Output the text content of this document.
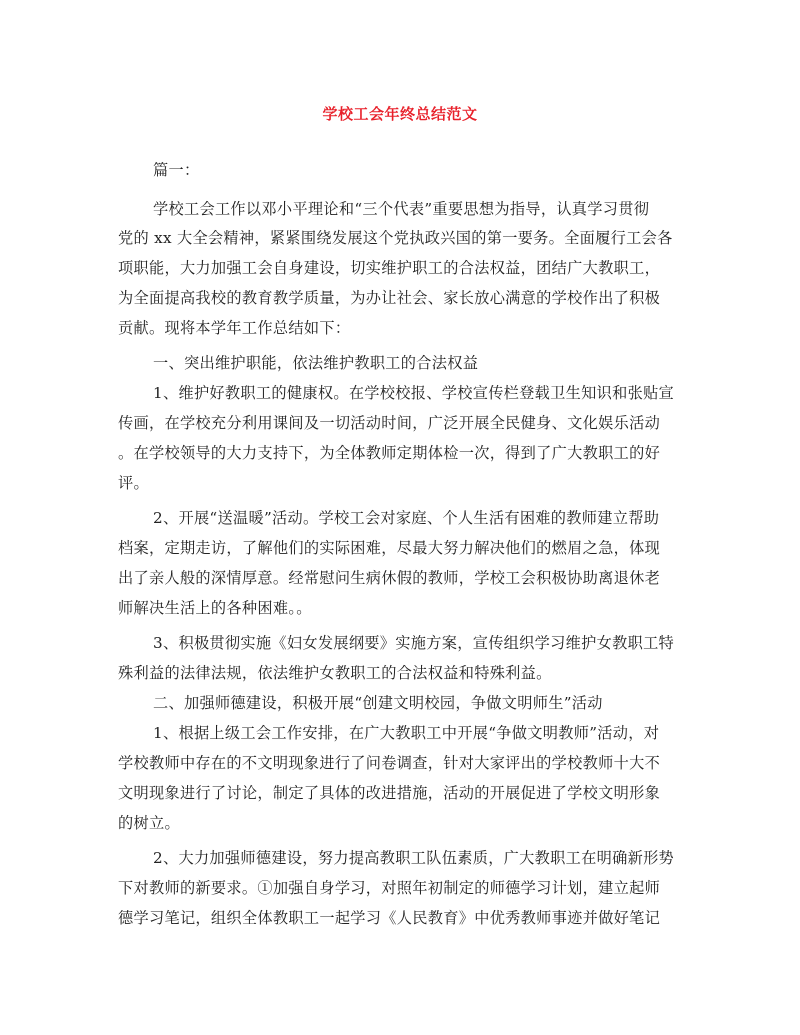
学校工会年终总结范文
篇一：
学校工会工作以邓小平理论和“三个代表”重要思想为指导，认真学习贯彻
党的 xx 大全会精神，紧紧围绕发展这个党执政兴国的第一要务。全面履行工会各
项职能，大力加强工会自身建设，切实维护职工的合法权益，团结广大教职工，
为全面提高我校的教育教学质量，为办让社会、家长放心满意的学校作出了积极
贡献。现将本学年工作总结如下：
一、突出维护职能，依法维护教职工的合法权益
1、维护好教职工的健康权。在学校校报、学校宣传栏登载卫生知识和张贴宣
传画，在学校充分利用课间及一切活动时间，广泛开展全民健身、文化娱乐活动
。在学校领导的大力支持下，为全体教师定期体检一次，得到了广大教职工的好
评。
2、开展“送温暖”活动。学校工会对家庭、个人生活有困难的教师建立帮助
档案，定期走访，了解他们的实际困难，尽最大努力解决他们的燃眉之急，体现
出了亲人般的深情厚意。经常慰问生病休假的教师，学校工会积极协助离退休老
师解决生活上的各种困难。。
3、积极贯彻实施《妇女发展纲要》实施方案，宣传组织学习维护女教职工特
殊利益的法律法规，依法维护女教职工的合法权益和特殊利益。
二、加强师德建设，积极开展“创建文明校园，争做文明师生”活动
1、根据上级工会工作安排，在广大教职工中开展“争做文明教师”活动，对
学校教师中存在的不文明现象进行了问卷调查，针对大家评出的学校教师十大不
文明现象进行了讨论，制定了具体的改进措施，活动的开展促进了学校文明形象
的树立。
2、大力加强师德建设，努力提高教职工队伍素质，广大教职工在明确新形势
下对教师的新要求。①加强自身学习，对照年初制定的师德学习计划，建立起师
德学习笔记，组织全体教职工一起学习《人民教育》中优秀教师事迹并做好笔记
